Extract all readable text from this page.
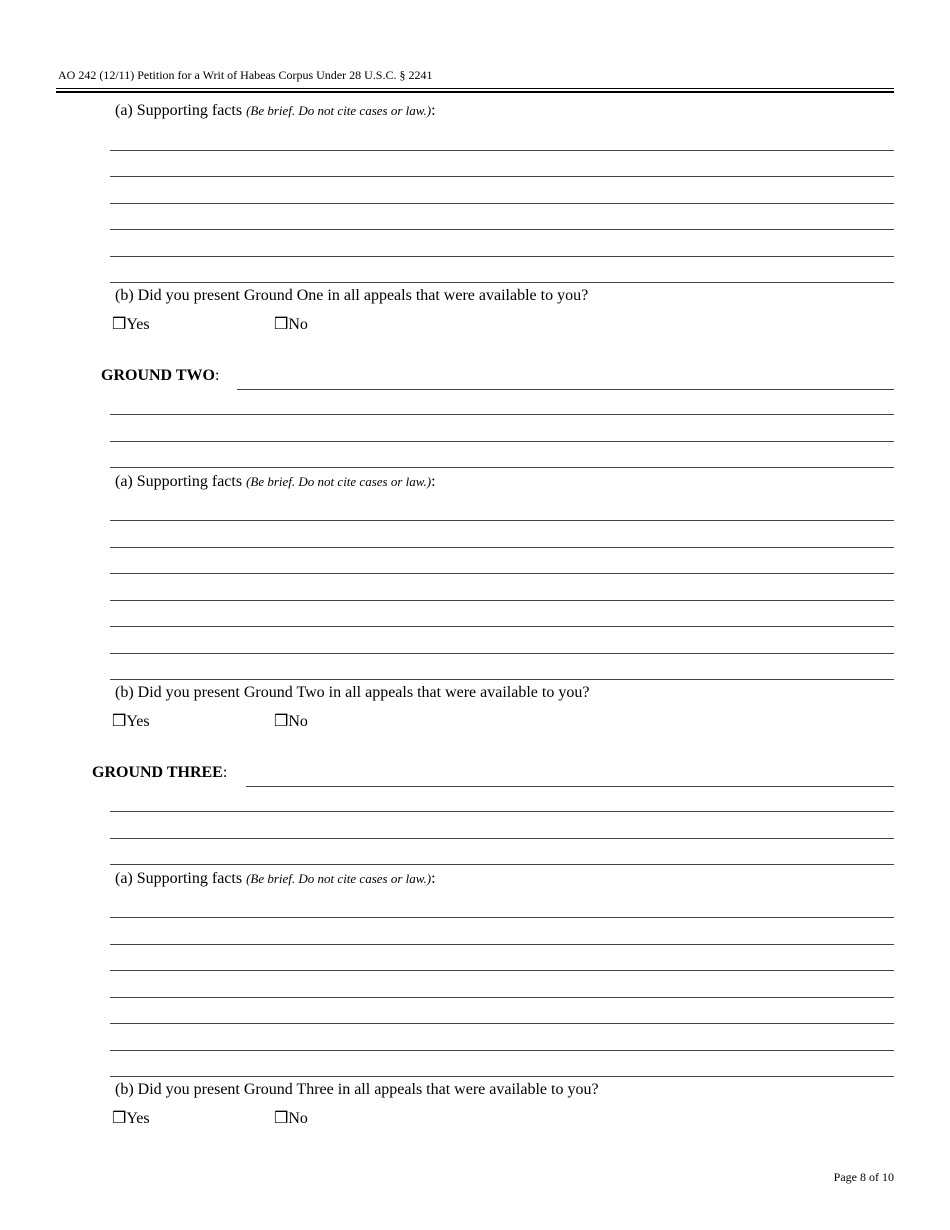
AO 242 (12/11) Petition for a Writ of Habeas Corpus Under 28 U.S.C. § 2241
(a) Supporting facts (Be brief. Do not cite cases or law.):
(b) Did you present Ground One in all appeals that were available to you?
❒Yes	❒No
GROUND TWO:
(a) Supporting facts (Be brief. Do not cite cases or law.):
(b) Did you present Ground Two in all appeals that were available to you?
❒Yes	❒No
GROUND THREE:
(a) Supporting facts (Be brief. Do not cite cases or law.):
(b) Did you present Ground Three in all appeals that were available to you?
❒Yes	❒No
Page 8 of 10
